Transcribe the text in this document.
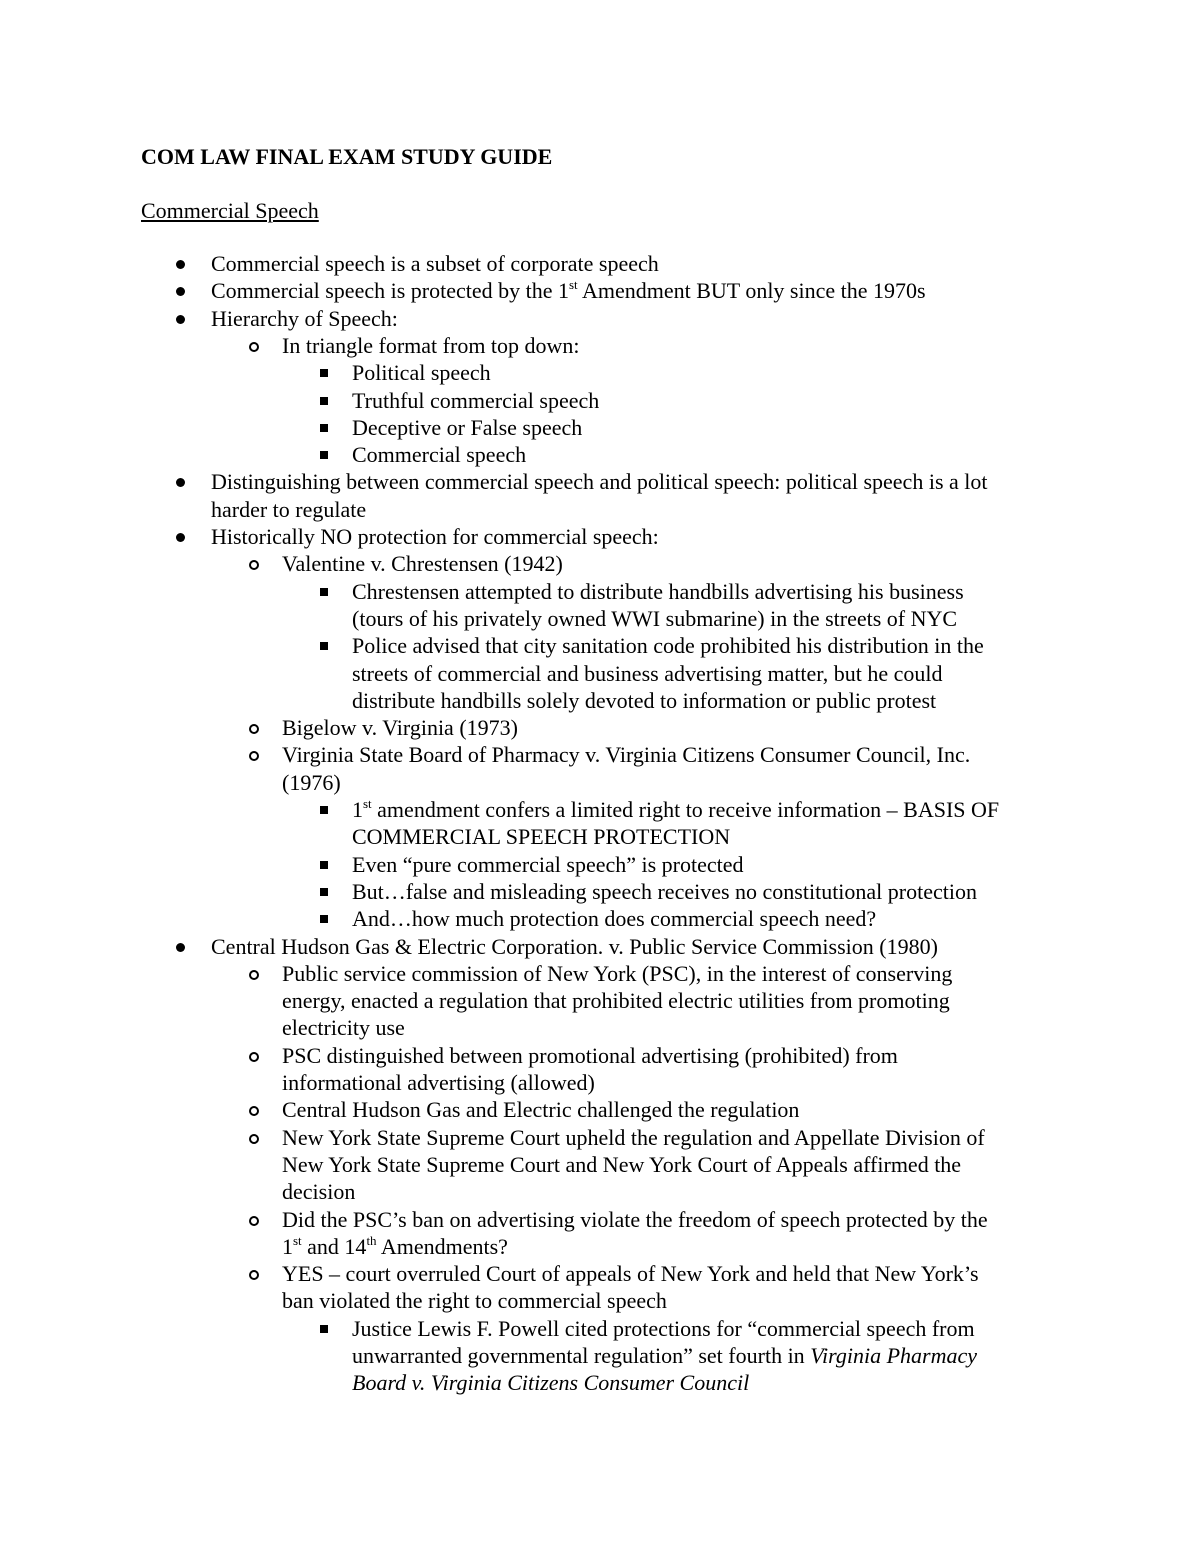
COM LAW FINAL EXAM STUDY GUIDE
Commercial Speech
Commercial speech is a subset of corporate speech
Commercial speech is protected by the 1st Amendment BUT only since the 1970s
Hierarchy of Speech:
In triangle format from top down:
Political speech
Truthful commercial speech
Deceptive or False speech
Commercial speech
Distinguishing between commercial speech and political speech: political speech is a lot
harder to regulate
Historically NO protection for commercial speech:
Valentine v. Chrestensen (1942)
Chrestensen attempted to distribute handbills advertising his business
(tours of his privately owned WWI submarine) in the streets of NYC
Police advised that city sanitation code prohibited his distribution in the
streets of commercial and business advertising matter, but he could
distribute handbills solely devoted to information or public protest
Bigelow v. Virginia (1973)
Virginia State Board of Pharmacy v. Virginia Citizens Consumer Council, Inc.
(1976)
1st amendment confers a limited right to receive information – BASIS OF
COMMERCIAL SPEECH PROTECTION
Even “pure commercial speech” is protected
But…false and misleading speech receives no constitutional protection
And…how much protection does commercial speech need?
Central Hudson Gas & Electric Corporation. v. Public Service Commission (1980)
Public service commission of New York (PSC), in the interest of conserving
energy, enacted a regulation that prohibited electric utilities from promoting
electricity use
PSC distinguished between promotional advertising (prohibited) from
informational advertising (allowed)
Central Hudson Gas and Electric challenged the regulation
New York State Supreme Court upheld the regulation and Appellate Division of
New York State Supreme Court and New York Court of Appeals affirmed the
decision
Did the PSC’s ban on advertising violate the freedom of speech protected by the
1st and 14th Amendments?
YES – court overruled Court of appeals of New York and held that New York’s
ban violated the right to commercial speech
Justice Lewis F. Powell cited protections for “commercial speech from
unwarranted governmental regulation” set fourth in Virginia Pharmacy
Board v. Virginia Citizens Consumer Council
